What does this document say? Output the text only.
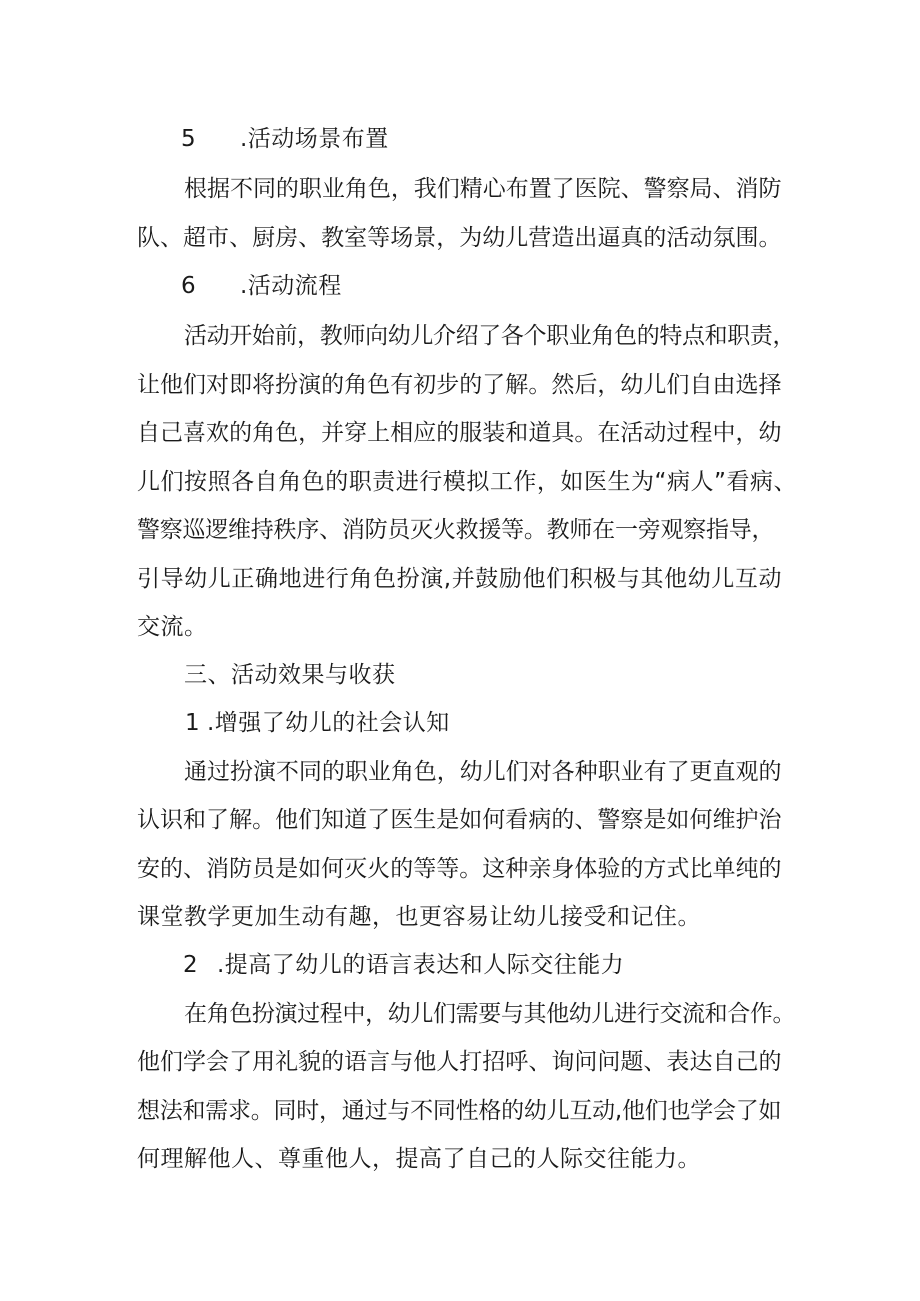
5 .活动场景布置
根据不同的职业角色，我们精心布置了医院、警察局、消防
队、超市、厨房、教室等场景，为幼儿营造出逼真的活动氛围。
6 .活动流程
活动开始前，教师向幼儿介绍了各个职业角色的特点和职责，
让他们对即将扮演的角色有初步的了解。然后，幼儿们自由选择
自己喜欢的角色，并穿上相应的服装和道具。在活动过程中，幼
儿们按照各自角色的职责进行模拟工作，如医生为“病人”看病、
警察巡逻维持秩序、消防员灭火救援等。教师在一旁观察指导，
引导幼儿正确地进行角色扮演,并鼓励他们积极与其他幼儿互动
交流。
三、活动效果与收获
1 .增强了幼儿的社会认知
通过扮演不同的职业角色，幼儿们对各种职业有了更直观的
认识和了解。他们知道了医生是如何看病的、警察是如何维护治
安的、消防员是如何灭火的等等。这种亲身体验的方式比单纯的
课堂教学更加生动有趣，也更容易让幼儿接受和记住。
2 .提高了幼儿的语言表达和人际交往能力
在角色扮演过程中，幼儿们需要与其他幼儿进行交流和合作。
他们学会了用礼貌的语言与他人打招呼、询问问题、表达自己的
想法和需求。同时，通过与不同性格的幼儿互动,他们也学会了如
何理解他人、尊重他人，提高了自己的人际交往能力。
